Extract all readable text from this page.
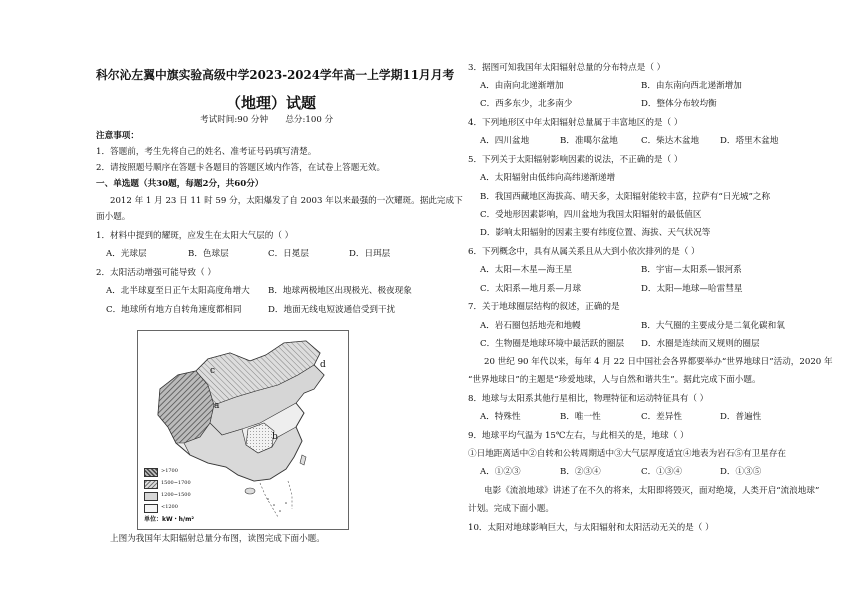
科尔沁左翼中旗实验高级中学2023-2024学年高一上学期11月月考
（地理）试题
考试时间:90 分钟　　总分:100 分
注意事项：
1．答题前，考生先将自己的姓名、准考证号码填写清楚。
2．请按照题号顺序在答题卡各题目的答题区域内作答，在试卷上答题无效。
一、单选题（共30题，每题2分，共60分）
2012 年 1 月 23 日 11 时 59 分，太阳爆发了自 2003 年以来最强的一次耀斑。据此完成下
面小题。
1．材料中提到的耀斑，应发生在太阳大气层的（ ）
A．光球层	B．色球层	C．日冕层	D．日珥层
2．太阳活动增强可能导致（ ）
A．北半球夏至日正午太阳高度角增大 B．地球两极地区出现极光、极夜现象
C．地球所有地方自转角速度都相同	D．地面无线电短波通信受到干扰
a
b
c
d
>1700
1500~1700
1200~1500
<1200
单位：kW・h/m²
上图为我国年太阳辐射总量分布图，读图完成下面小题。
3．据图可知我国年太阳辐射总量的分布特点是（ ）
A．由南向北递渐增加	B．由东南向西北递渐增加
C．西多东少，北多南少	D．整体分布较均衡
4．下列地形区中年太阳辐射总量属于丰富地区的是（ ）
A．四川盆地	B．准噶尔盆地	C．柴达木盆地 D．塔里木盆地
5．下列关于太阳辐射影响因素的说法，不正确的是（ ）
A．太阳辐射由低纬向高纬递渐递增
B．我国西藏地区海拔高、晴天多，太阳辐射能较丰富，拉萨有“日光城”之称
C．受地形因素影响，四川盆地为我国太阳辐射的最低值区
D．影响太阳辐射的因素主要有纬度位置、海拔、天气状况等
6．下列概念中，具有从属关系且从大到小依次排列的是（ ）
A．太阳—木星—海王星	B．宇宙—太阳系—银河系
C．太阳系—地月系—月球	D．太阳—地球—哈雷彗星
7．关于地球圈层结构的叙述，正确的是
A．岩石圈包括地壳和地幔	B．大气圈的主要成分是二氧化碳和氧
C．生物圈是地球环境中最活跃的圈层 D．水圈是连续而又规则的圈层
20 世纪 90 年代以来，每年 4 月 22 日中国社会各界都要举办“世界地球日”活动，2020 年
“世界地球日”的主题是“珍爱地球，人与自然和谐共生”。据此完成下面小题。
8．地球与太阳系其他行星相比，物理特征和运动特征具有（ ）
A．特殊性	B．唯一性	C．差异性	D．普遍性
9．地球平均气温为 15℃左右，与此相关的是，地球（ ）
①日地距离适中②自转和公转周期适中③大气层厚度适宜④地表为岩石⑤有卫星存在
A．①②③	B．②③④	C．①③④	D．①③⑤
电影《流浪地球》讲述了在不久的将来，太阳即将毁灭，面对绝境，人类开启“流浪地球”
计划。完成下面小题。
10．太阳对地球影响巨大，与太阳辐射和太阳活动无关的是（ ）
